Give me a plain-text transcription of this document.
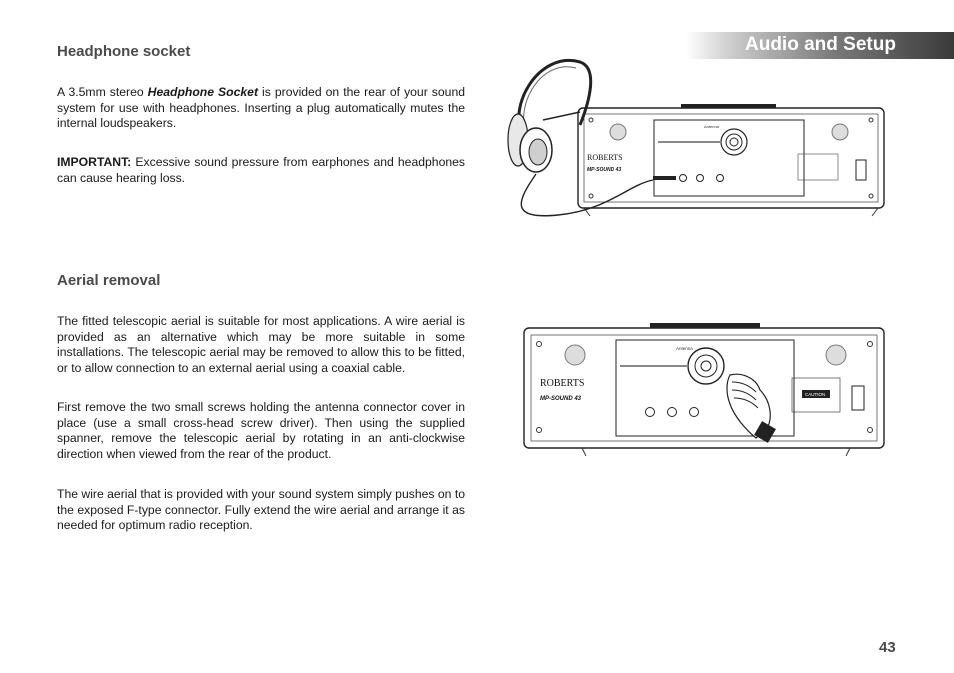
Audio and Setup
Headphone socket

A 3.5mm stereo Headphone Socket is provided on the rear of your sound system for use with headphones. Inserting a plug automatically mutes the internal loudspeakers.

IMPORTANT: Excessive sound pressure from earphones and headphones can cause hearing loss.

Aerial removal

The fitted telescopic aerial is suitable for most applications. A wire aerial is provided as an alternative which may be more suitable in some installations. The telescopic aerial may be removed to allow this to be fitted, or to allow connection to an external aerial using a coaxial cable.

First remove the two small screws holding the antenna connector cover in place (use a small cross-head screw driver). Then using the supplied spanner, remove the telescopic aerial by rotating in an anti-clockwise direction when viewed from the rear of the product.

The wire aerial that is provided with your sound system simply pushes on to the exposed F-type connector. Fully extend the wire aerial and arrange it as needed for optimum radio reception.

Antenna
ROBERTS
MP-SOUND 43
Antenna
ROBERTS
MP-SOUND 43
CAUTION
43
